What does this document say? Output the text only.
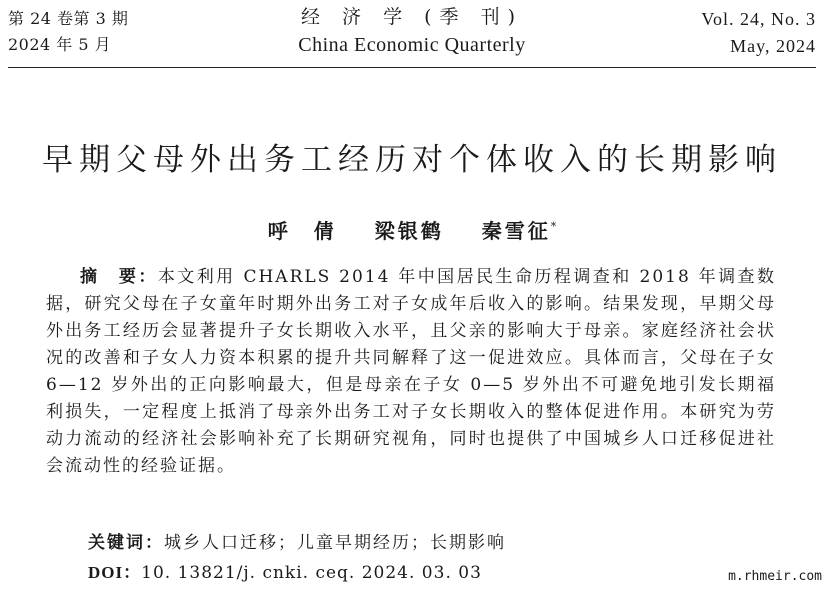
第 24 卷第 3 期
2024 年 5 月
经 济 学 (季 刊)
China Economic Quarterly
Vol. 24, No. 3
May, 2024
早期父母外出务工经历对个体收入的长期影响
呼　倩 梁银鹤 秦雪征*

摘　要：本文利用 CHARLS 2014 年中国居民生命历程调查和 2018 年调查数据，研究父母在子女童年时期外出务工对子女成年后收入的影响。结果发现，早期父母外出务工经历会显著提升子女长期收入水平，且父亲的影响大于母亲。家庭经济社会状况的改善和子女人力资本积累的提升共同解释了这一促进效应。具体而言，父母在子女 6—12 岁外出的正向影响最大，但是母亲在子女 0—5 岁外出不可避免地引发长期福利损失，一定程度上抵消了母亲外出务工对子女长期收入的整体促进作用。本研究为劳动力流动的经济社会影响补充了长期研究视角，同时也提供了中国城乡人口迁移促进社会流动性的经验证据。

关键词：城乡人口迁移；儿童早期经历；长期影响
DOI：10. 13821/j. cnki. ceq. 2024. 03. 03	m.rhmeir.com
